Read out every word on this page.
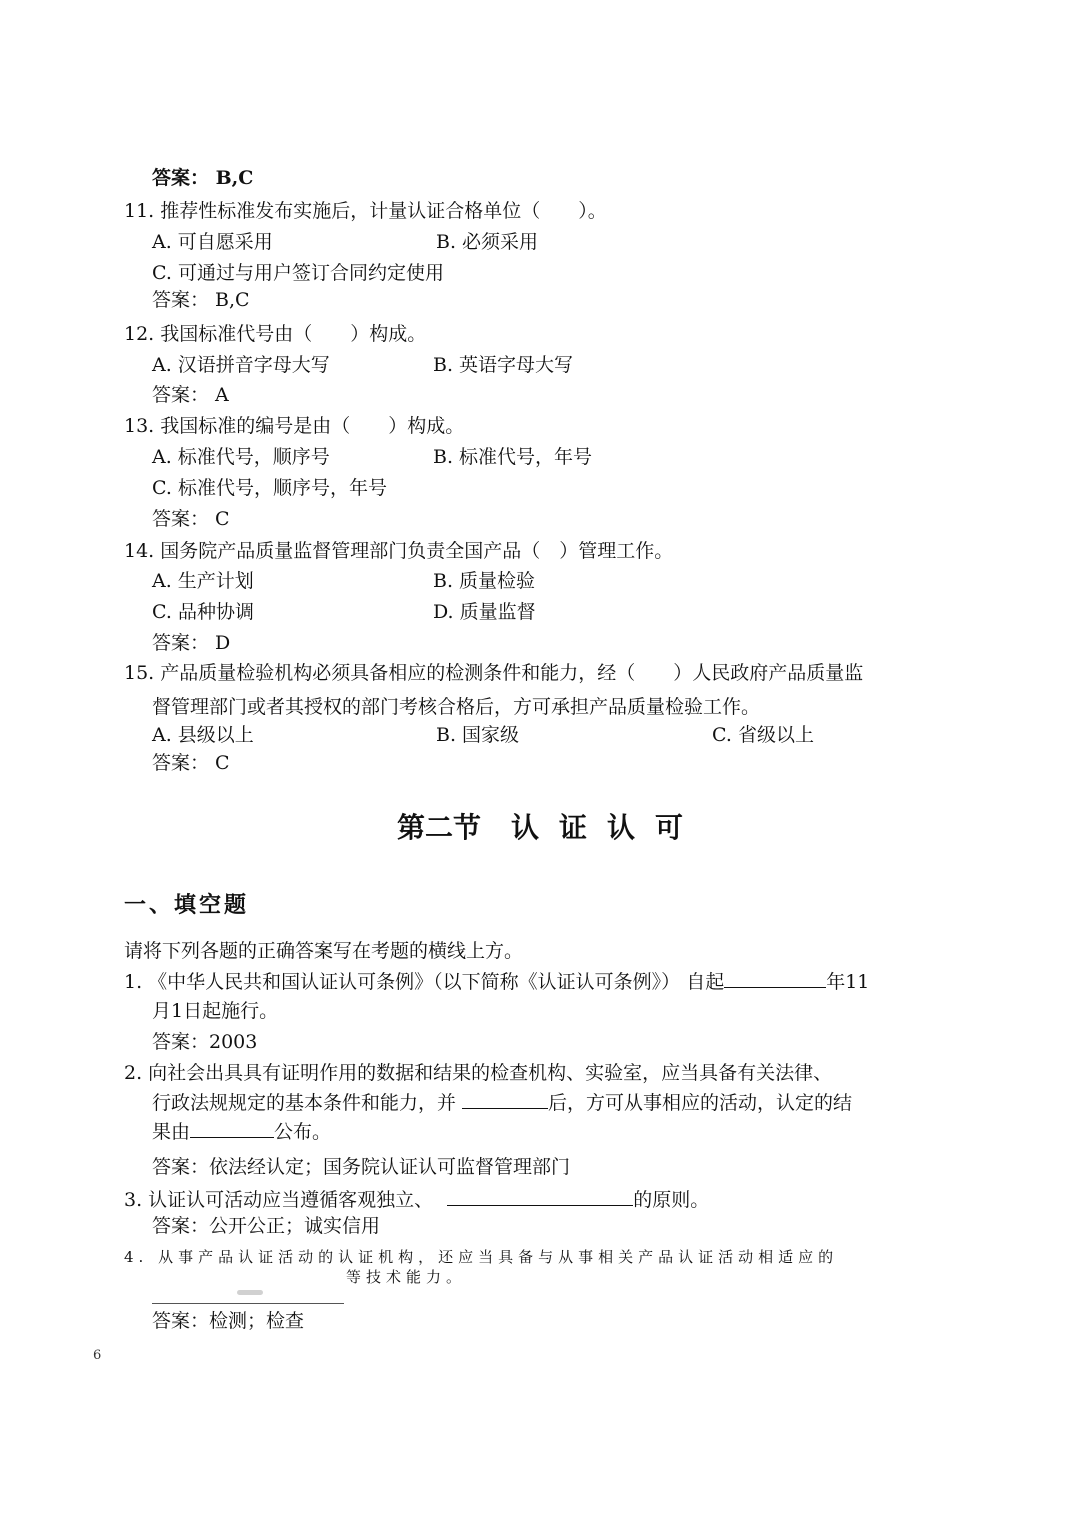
答案： B,C
11. 推荐性标准发布实施后，计量认证合格单位（　　）。
A. 可自愿采用	B. 必须采用
C. 可通过与用户签订合同约定使用
答案： B,C
12. 我国标准代号由（　　）构成。
A. 汉语拼音字母大写	B. 英语字母大写
答案： A
13. 我国标准的编号是由（　　）构成。
A. 标准代号，顺序号	B. 标准代号，年号
C. 标准代号，顺序号，年号
答案： C
14. 国务院产品质量监督管理部门负责全国产品（　）管理工作。
A. 生产计划	B. 质量检验
C. 品种协调	D. 质量监督
答案： D
15. 产品质量检验机构必须具备相应的检测条件和能力，经（　　）人民政府产品质量监
督管理部门或者其授权的部门考核合格后，方可承担产品质量检验工作。
A. 县级以上	B. 国家级	C. 省级以上
答案： C
第二节 认 证 认 可
一、填空题
请将下列各题的正确答案写在考题的横线上方。
1. 《中华人民共和国认证认可条例》（以下简称《认证认可条例》） 自起	年11
月1日起施行。
答案：2003
2. 向社会出具具有证明作用的数据和结果的检查机构、实验室，应当具备有关法律、
行政法规规定的基本条件和能力，并	后，方可从事相应的活动，认定的结
果由	公布。
答案：依法经认定；国务院认证认可监督管理部门
3. 认证认可活动应当遵循客观独立、	的原则。
答案：公开公正；诚实信用
4. 从事产品认证活动的认证机构，还应当具备与从事相关产品认证活动相适应的
等技术能力。
答案：检测；检查
6
